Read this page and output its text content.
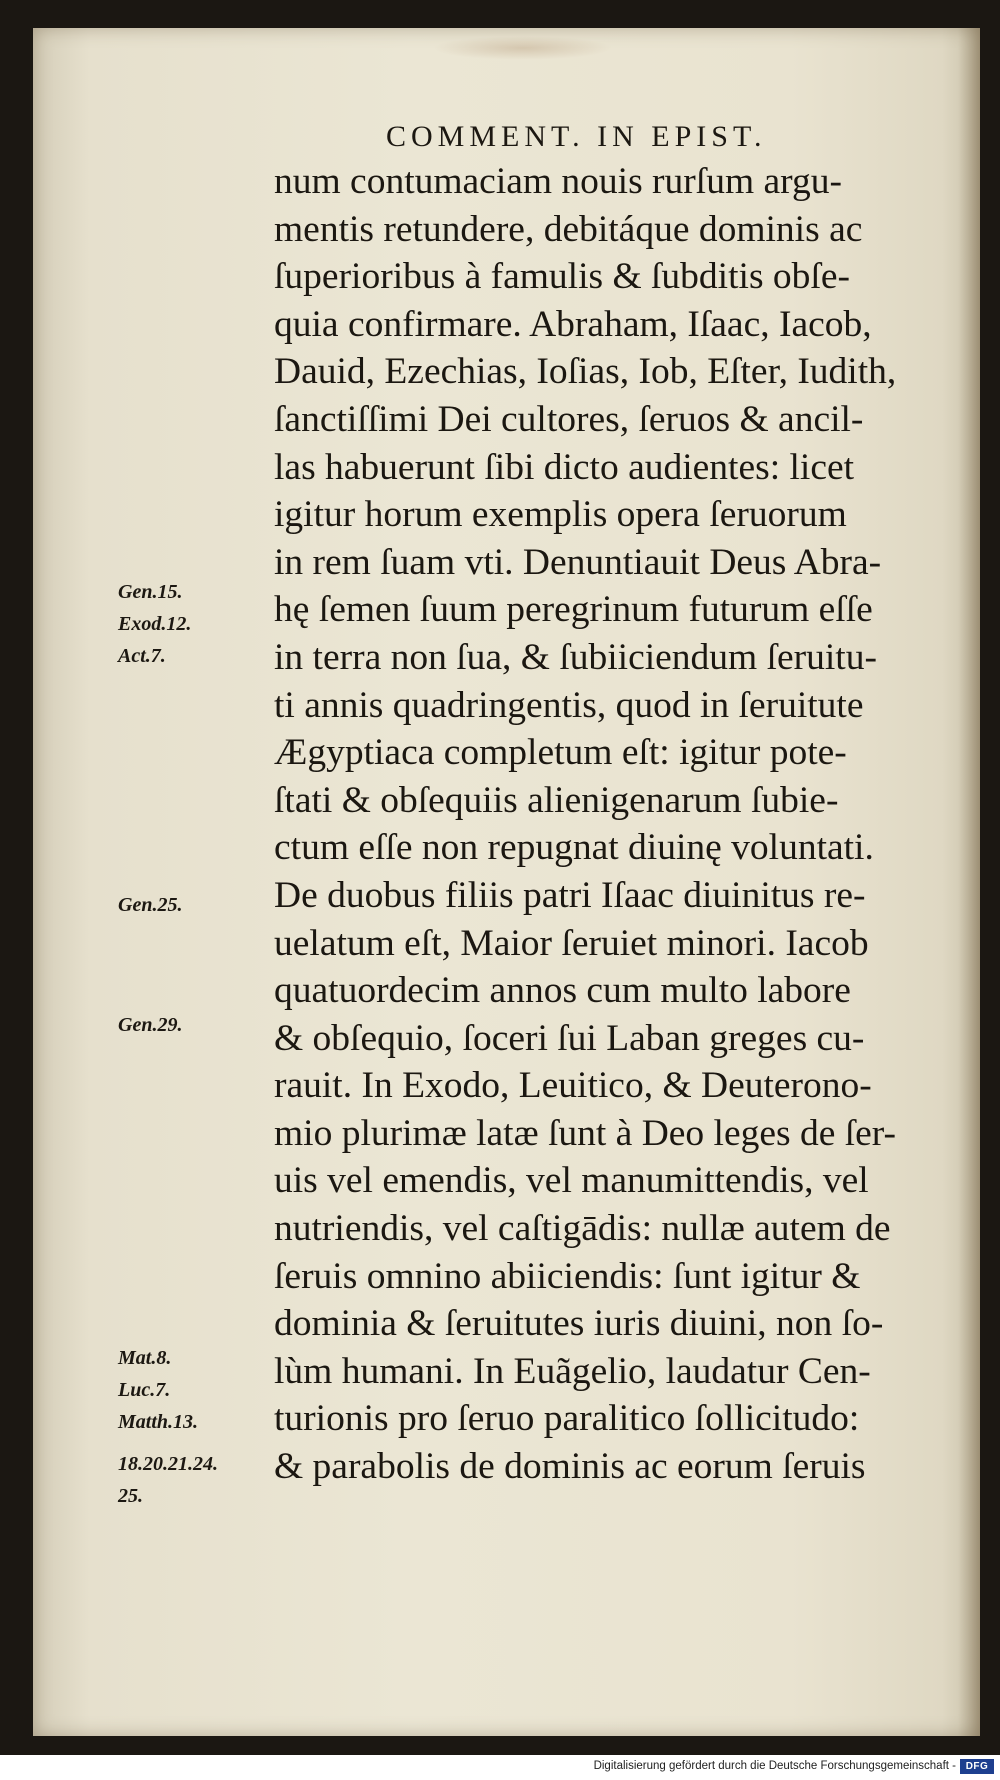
COMMENT. IN EPIST.
num contumaciam nouis rurſum argu-
mentis retundere, debitáque dominis ac
ſuperioribus à famulis & ſubditis obſe-
quia confirmare. Abraham, Iſaac, Iacob,
Dauid, Ezechias, Ioſias, Iob, Eſter, Iudith,
ſanctiſſimi Dei cultores, ſeruos & ancil-
las habuerunt ſibi dicto audientes: licet
igitur horum exemplis opera ſeruorum
in rem ſuam vti. Denuntiauit Deus Abra-
hę ſemen ſuum peregrinum futurum eſſe
in terra non ſua, & ſubiiciendum ſeruitu-
ti annis quadringentis, quod in ſeruitute
Ægyptiaca completum eſt: igitur pote-
ſtati & obſequiis alienigenarum ſubie-
ctum eſſe non repugnat diuinę voluntati.
De duobus filiis patri Iſaac diuinitus re-
uelatum eſt, Maior ſeruiet minori. Iacob
quatuordecim annos cum multo labore
& obſequio, ſoceri ſui Laban greges cu-
rauit. In Exodo, Leuitico, & Deuterono-
mio plurimæ latæ ſunt à Deo leges de ſer-
uis vel emendis, vel manumittendis, vel
nutriendis, vel caſtigādis: nullæ autem de
ſeruis omnino abiiciendis: ſunt igitur &
dominia & ſeruitutes iuris diuini, non ſo-
lùm humani. In Euãgelio, laudatur Cen-
turionis pro ſeruo paralitico ſollicitudo:
& parabolis de dominis ac eorum ſeruis
Gen.15.
Exod.12.
Act.7.
Gen.25.
Gen.29.
Mat.8.
Luc.7.
Matth.13.
18.20.21.24.
25.
Digitalisierung gefördert durch die Deutsche Forschungsgemeinschaft - DFG
